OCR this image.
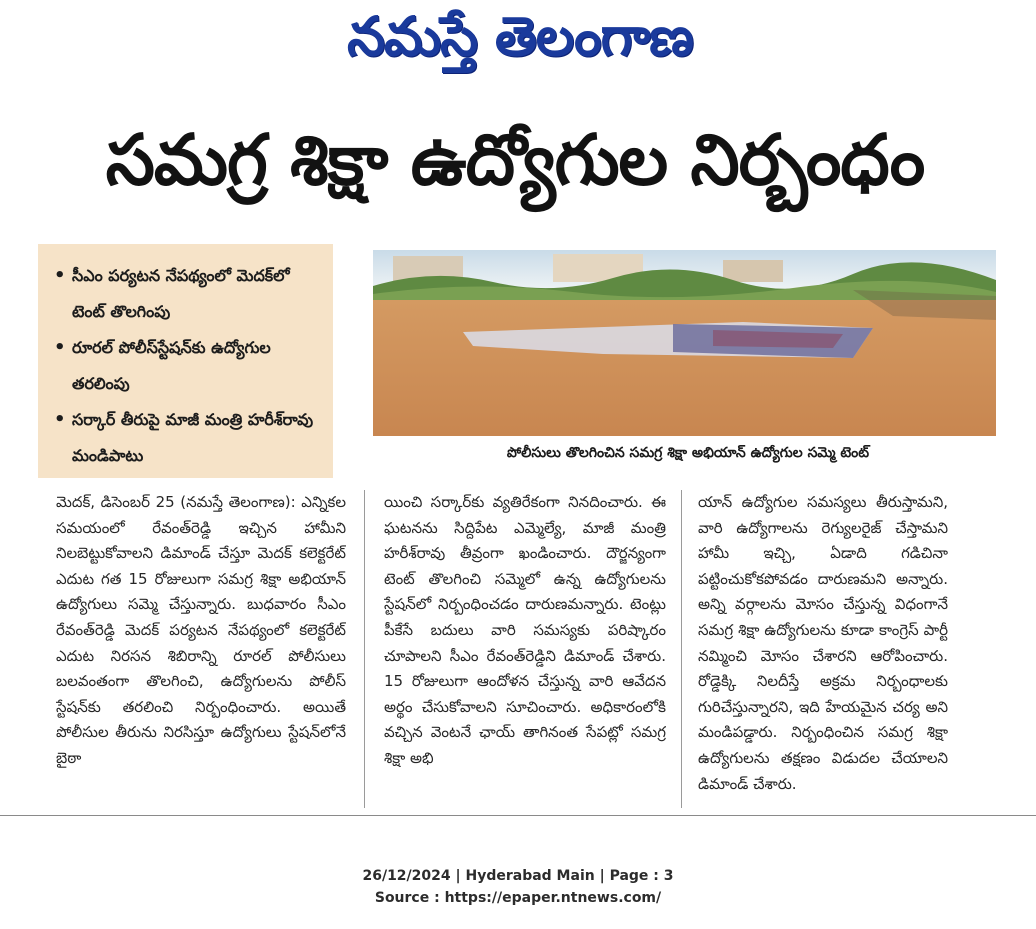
నమస్తే తెలంగాణ
సమగ్ర శిక్షా ఉద్యోగుల నిర్బంధం
• సీఎం పర్యటన నేపథ్యంలో మెదక్‌లో టెంట్‌ తొలగింపు
• రూరల్‌ పోలీస్‌స్టేషన్‌కు ఉద్యోగుల తరలింపు
• సర్కార్‌ తీరుపై మాజీ మంత్రి హరీశ్‌రావు మండిపాటు	పోలీసులు తొలగించిన సమగ్ర శిక్షా అభియాన్‌ ఉద్యోగుల సమ్మె టెంట్‌
మెదక్‌, డిసెంబర్‌ 25 (నమస్తే తెలంగాణ): ఎన్నికల సమయంలో రేవంత్‌రెడ్డి ఇచ్చిన హామీని నిలబెట్టుకోవాలని డిమాండ్‌ చేస్తూ మెదక్‌ కలెక్టరేట్‌ ఎదుట గత 15 రోజులుగా సమగ్ర శిక్షా అభియాన్‌ ఉద్యోగులు సమ్మె చేస్తున్నారు. బుధవారం సీఎం రేవంత్‌రెడ్డి మెదక్‌ పర్యటన నేపథ్యంలో కలెక్టరేట్‌ ఎదుట నిరసన శిబిరాన్ని రూరల్‌ పోలీసులు బలవంతంగా తొలగించి, ఉద్యోగులను పోలీస్‌ స్టేషన్‌కు తరలించి నిర్బంధించారు. అయితే పోలీసుల తీరును నిరసిస్తూ ఉద్యోగులు స్టేషన్‌లోనే బైఠా
యించి సర్కార్‌కు వ్యతిరేకంగా నినదించారు. ఈ ఘటనను సిద్దిపేట ఎమ్మెల్యే, మాజీ మంత్రి హరీశ్‌రావు తీవ్రంగా ఖండించారు. దౌర్జన్యంగా టెంట్‌ తొలగించి సమ్మెలో ఉన్న ఉద్యోగులను స్టేషన్‌లో నిర్బంధించడం దారుణమన్నారు. టెంట్లు పీకేసే బదులు వారి సమస్యకు పరిష్కారం చూపాలని సీఎం రేవంత్‌రెడ్డిని డిమాండ్‌ చేశారు. 15 రోజులుగా ఆందోళన చేస్తున్న వారి ఆవేదన అర్థం చేసుకోవాలని సూచించారు. అధికారంలోకి వచ్చిన వెంటనే ఛాయ్‌ తాగినంత సేపట్లో సమగ్ర శిక్షా అభి
యాన్‌ ఉద్యోగుల సమస్యలు తీరుస్తామని, వారి ఉద్యోగాలను రెగ్యులరైజ్‌ చేస్తామని హామీ ఇచ్చి, ఏడాది గడిచినా పట్టించుకోకపోవడం దారుణమని అన్నారు. అన్ని వర్గాలను మోసం చేస్తున్న విధంగానే సమగ్ర శిక్షా ఉద్యోగులను కూడా కాంగ్రెస్‌ పార్టీ నమ్మించి మోసం చేశారని ఆరోపించారు. రోడ్డెక్కి నిలదీస్తే అక్రమ నిర్బంధాలకు గురిచేస్తున్నారని, ఇది హేయమైన చర్య అని మండిపడ్డారు. నిర్బంధించిన సమగ్ర శిక్షా ఉద్యోగులను తక్షణం విడుదల చేయాలని డిమాండ్‌ చేశారు.
26/12/2024 | Hyderabad Main | Page : 3
Source : https://epaper.ntnews.com/
